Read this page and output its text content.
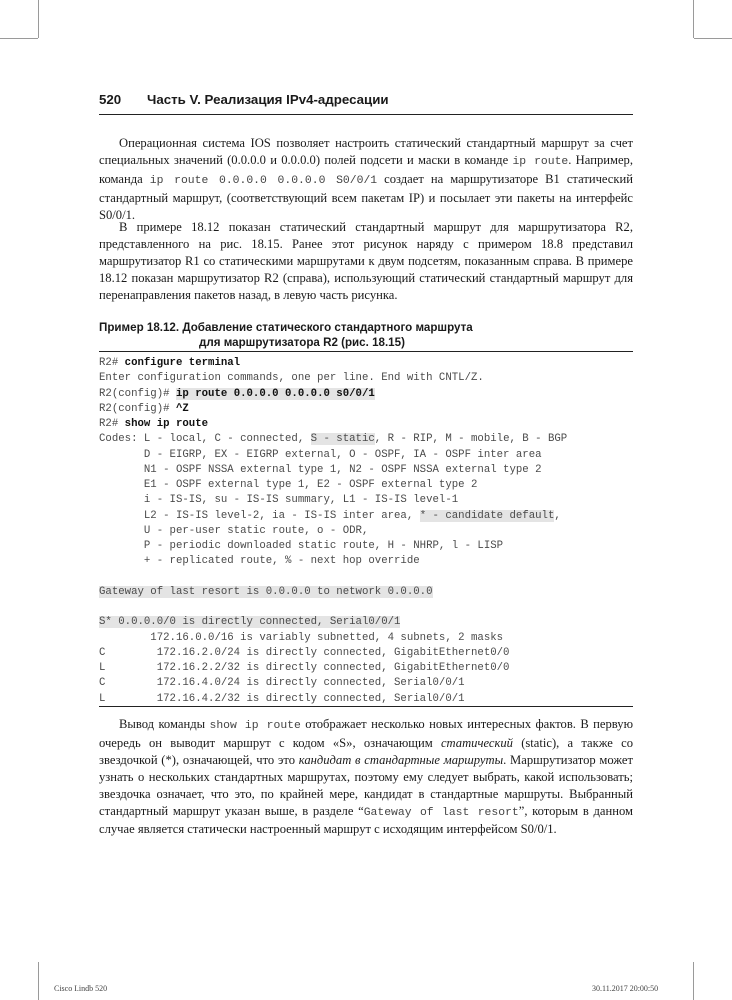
520 Часть V. Реализация IPv4-адресации

Операционная система IOS позволяет настроить статический стандартный маршрут за счет специальных значений (0.0.0.0 и 0.0.0.0) полей подсети и маски в команде ip route. Например, команда ip route 0.0.0.0 0.0.0.0 S0/0/1 создает на маршрутизаторе B1 статический стандартный маршрут, (соответствующий всем пакетам IP) и посылает эти пакеты на интерфейс S0/0/1.

В примере 18.12 показан статический стандартный маршрут для маршрутизатора R2, представленного на рис. 18.15. Ранее этот рисунок наряду с примером 18.8 представил маршрутизатор R1 со статическими маршрутами к двум подсетям, показанным справа. В примере 18.12 показан маршрутизатор R2 (справа), использующий статический стандартный маршрут для перенаправления пакетов назад, в левую часть рисунка.

Пример 18.12. Добавление статического стандартного маршрута
для маршрутизатора R2 (рис. 18.15)
R2# configure terminal
Enter configuration commands, one per line. End with CNTL/Z.
R2(config)# ip route 0.0.0.0 0.0.0.0 s0/0/1
R2(config)# ^Z
R2# show ip route
Codes: L - local, C - connected, S - static, R - RIP, M - mobile, B - BGP
D - EIGRP, EX - EIGRP external, O - OSPF, IA - OSPF inter area
N1 - OSPF NSSA external type 1, N2 - OSPF NSSA external type 2
E1 - OSPF external type 1, E2 - OSPF external type 2
i - IS-IS, su - IS-IS summary, L1 - IS-IS level-1
L2 - IS-IS level-2, ia - IS-IS inter area, * - candidate default,
U - per-user static route, o - ODR,
P - periodic downloaded static route, H - NHRP, l - LISP
+ - replicated route, % - next hop override

Gateway of last resort is 0.0.0.0 to network 0.0.0.0

S* 0.0.0.0/0 is directly connected, Serial0/0/1
172.16.0.0/16 is variably subnetted, 4 subnets, 2 masks
C        172.16.2.0/24 is directly connected, GigabitEthernet0/0
L        172.16.2.2/32 is directly connected, GigabitEthernet0/0
C        172.16.4.0/24 is directly connected, Serial0/0/1
L        172.16.4.2/32 is directly connected, Serial0/0/1

Вывод команды show ip route отображает несколько новых интересных фактов. В первую очередь он выводит маршрут с кодом «S», означающим статический (static), а также со звездочкой (*), означающей, что это кандидат в стандартные маршруты. Маршрутизатор может узнать о нескольких стандартных маршрутах, поэтому ему следует выбрать, какой использовать; звездочка означает, что это, по крайней мере, кандидат в стандартные маршруты. Выбранный стандартный маршрут указан выше, в разделе “Gateway of last resort”, которым в данном случае является статически настроенный маршрут с исходящим интерфейсом S0/0/1.

Cisco I.indb 520	30.11.2017 20:00:50
